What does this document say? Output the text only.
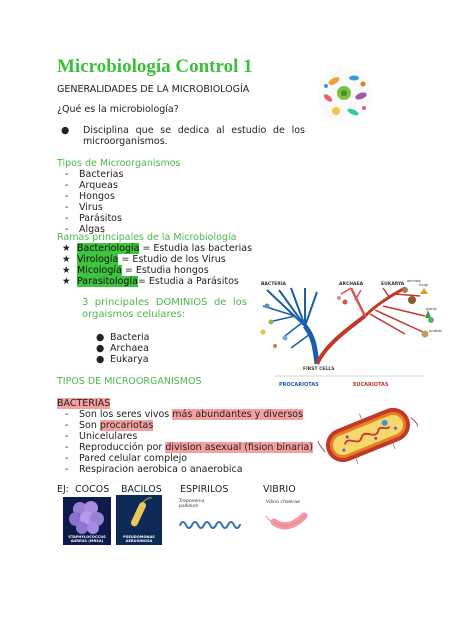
Microbiología Control 1
GENERALIDADES DE LA MICROBIOLOGÍA
¿Qué es la microbiología?
● Disciplina que se dedica al estudio de los microorganismos.
Tipos de Microorganismos
- Bacterias
- Arqueas
- Hongos
- Virus
- Parásitos
- Algas
Ramas principales de la Microbiología
★ Bacteriología = Estudia las bacterias
★ Virología = Estudio de los Virus
★ Micología = Estudia hongos
★ Parasitología= Estudia a Parásitos
3 principales DOMINIOS de los orgaismos celulares:
● Bacteria
● Archaea
● Eukarya
BACTERIA	ARCHAEA	EUKARYA
animals
fungi
plants
protists
FIRST CELLS
PROCARIOTAS	EUCARIOTAS
TIPOS DE MICROORGANISMOS
BACTERIAS
- Son los seres vivos más abundantes y diversos
- Son procariotas
- Unicelulares
- Reproducción por division asexual (fision binaria)
- Pared celular complejo
- Respiracion aerobica o anaerobica
EJ: COCOS BACILOS ESPIRILOS	VIBRIO
STAPHYLOCOCCUS AUREUS (MRSA)
PSEUDOMONAS AERUGINOSA
Treponema pallidum
Vibrio cholerae
